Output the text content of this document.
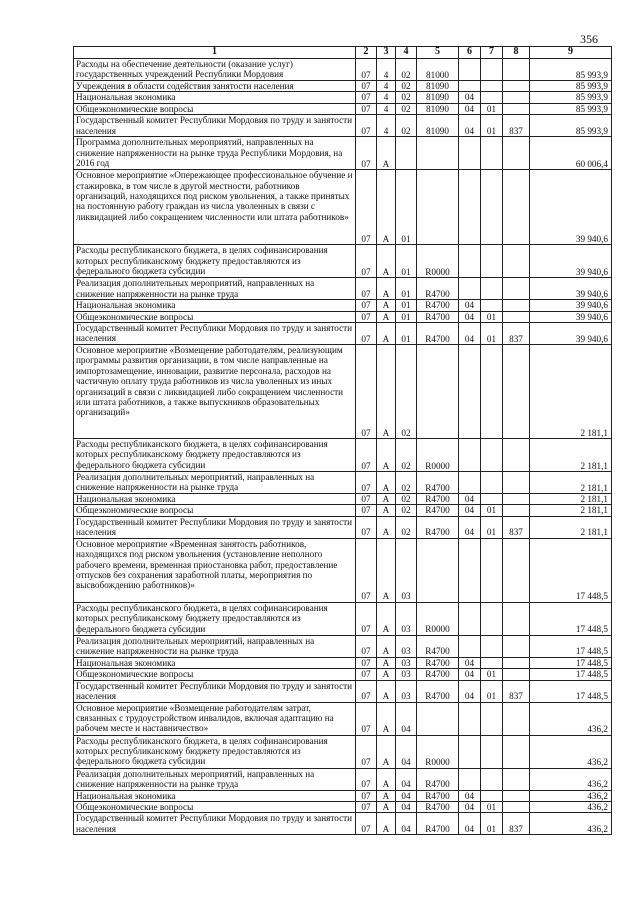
356
1	2	3	4	5	6	7	8	9
Расходы на обеспечение деятельности (оказание услуг) государственных учреждений Республики Мордовия	07	4	02	81000				85 993,9
Учреждения в области содействия занятости населения	07	4	02	81090				85 993,9
Национальная экономика	07	4	02	81090	04			85 993,9
Общеэкономические вопросы	07	4	02	81090	04	01		85 993,9
Государственный комитет Республики Мордовия по труду и занятости населения	07	4	02	81090	04	01	837	85 993,9
Программа дополнительных мероприятий, направленных на снижение напряженности на рынке труда Республики Мордовия, на 2016 год	07	А						60 006,4
Основное мероприятие «Опережающее профессиональное обучение и стажировка, в том числе в другой местности, работников организаций, находящихся под риском увольнения, а также принятых на постоянную работу граждан из числа уволенных в связи с ликвидацией либо сокращением численности или штата работников»	07	А	01					39 940,6
Расходы республиканского бюджета, в целях софинансирования которых республиканскому бюджету предоставляются из федерального бюджета субсидии	07	А	01	R0000				39 940,6
Реализация дополнительных мероприятий, направленных на снижение напряженности на рынке труда	07	А	01	R4700				39 940,6
Национальная экономика	07	А	01	R4700	04			39 940,6
Общеэкономические вопросы	07	А	01	R4700	04	01		39 940,6
Государственный комитет Республики Мордовия по труду и занятости населения	07	А	01	R4700	04	01	837	39 940,6
Основное мероприятие «Возмещение работодателям, реализующим программы развития организации, в том числе направленные на импортозамещение, инновации, развитие персонала, расходов на частичную оплату труда работников из числа уволенных из иных организаций в связи с ликвидацией либо сокращением численности или штата работников, а также выпускников образовательных организаций»	07	А	02					2 181,1
Расходы республиканского бюджета, в целях софинансирования которых республиканскому бюджету предоставляются из федерального бюджета субсидии	07	А	02	R0000				2 181,1
Реализация дополнительных мероприятий, направленных на снижение напряженности на рынке труда	07	А	02	R4700				2 181,1
Национальная экономика	07	А	02	R4700	04			2 181,1
Общеэкономические вопросы	07	А	02	R4700	04	01		2 181,1
Государственный комитет Республики Мордовия по труду и занятости населения	07	А	02	R4700	04	01	837	2 181,1
Основное мероприятие «Временная занятость работников, находящихся под риском увольнения (установление неполного рабочего времени, временная приостановка работ, предоставление отпусков без сохранения заработной платы, мероприятия по высвобождению работников)»	07	А	03					17 448,5
Расходы республиканского бюджета, в целях софинансирования которых республиканскому бюджету предоставляются из федерального бюджета субсидии	07	А	03	R0000				17 448,5
Реализация дополнительных мероприятий, направленных на снижение напряженности на рынке труда	07	А	03	R4700				17 448,5
Национальная экономика	07	А	03	R4700	04			17 448,5
Общеэкономические вопросы	07	А	03	R4700	04	01		17 448,5
Государственный комитет Республики Мордовия по труду и занятости населения	07	А	03	R4700	04	01	837	17 448,5
Основное мероприятие «Возмещение работодателям затрат, связанных с трудоустройством инвалидов, включая адаптацию на рабочем месте и наставничество»	07	А	04					436,2
Расходы республиканского бюджета, в целях софинансирования которых республиканскому бюджету предоставляются из федерального бюджета субсидии	07	А	04	R0000				436,2
Реализация дополнительных мероприятий, направленных на снижение напряженности на рынке труда	07	А	04	R4700				436,2
Национальная экономика	07	А	04	R4700	04			436,2
Общеэкономические вопросы	07	А	04	R4700	04	01		436,2
Государственный комитет Республики Мордовия по труду и занятости населения	07	А	04	R4700	04	01	837	436,2
